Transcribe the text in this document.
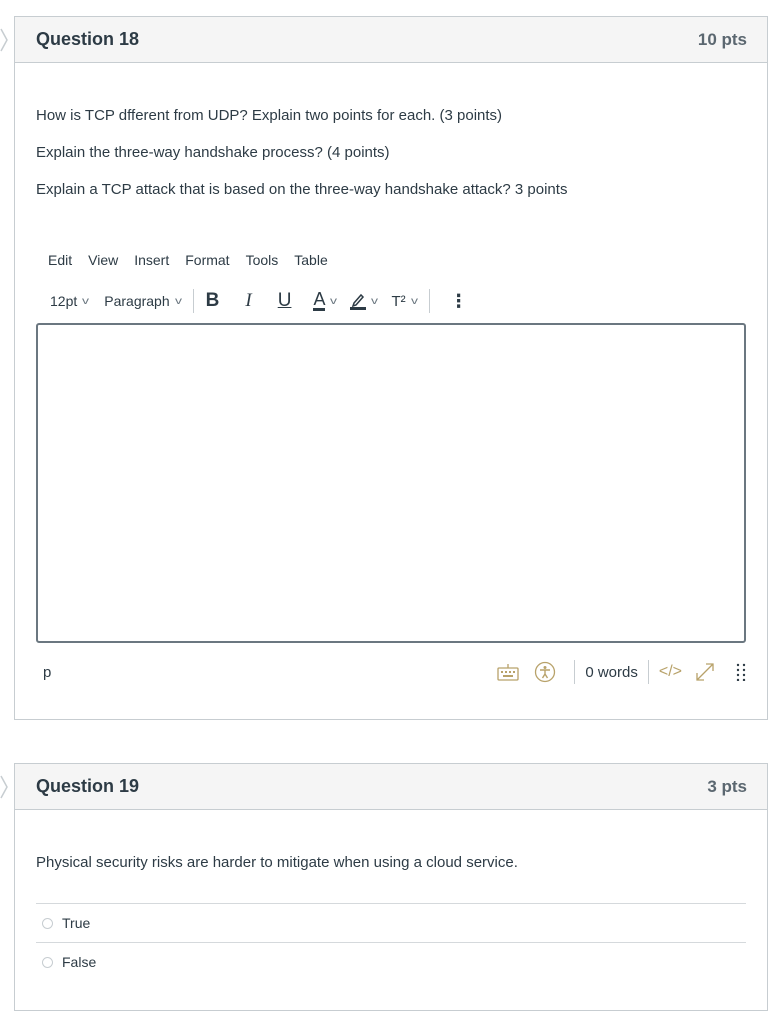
Question 18	10 pts

How is TCP dfferent from UDP? Explain two points for each. (3 points)

Explain the three-way handshake process? (4 points)

Explain a TCP attack that is based on the three-way handshake attack? 3 points

Edit View Insert Format Tools Table
12pt v Paragraph v B I U A v	v T² v ⋮
p	0 words </>
Question 19	3 pts

Physical security risks are harder to mitigate when using a cloud service.

True
False
